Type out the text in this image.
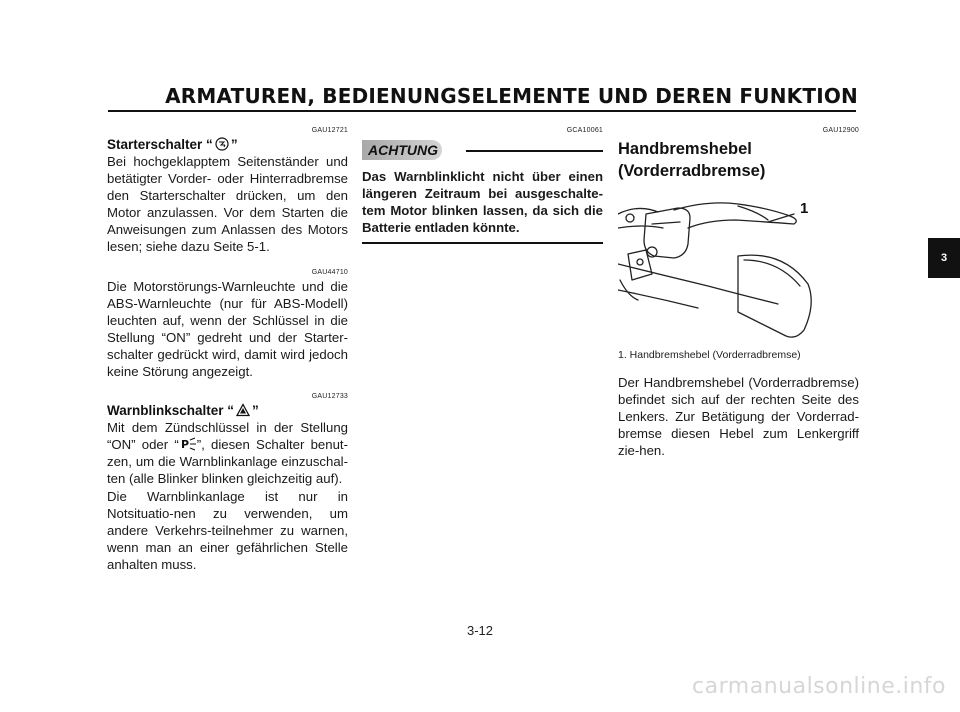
ARMATUREN, BEDIENUNGSELEMENTE UND DEREN FUNKTION
GAU12721
Starterschalter “ ”
Bei hochgeklapptem Seitenständer und betätigter Vorder- oder Hinterradbremse den Starterschalter drücken, um den Motor anzulassen. Vor dem Starten die Anweisungen zum Anlassen des Motors lesen; siehe dazu Seite 5-1.
GAU44710
Die Motorstörungs-Warnleuchte und die ABS-Warnleuchte (nur für ABS-Modell) leuchten auf, wenn der Schlüssel in die Stellung “ON” gedreht und der Starter-schalter gedrückt wird, damit wird jedoch keine Störung angezeigt.
GAU12733
Warnblinkschalter “ ”
Mit dem Zündschlüssel in der Stellung “ON” oder “ P ”, diesen Schalter benut-zen, um die Warnblinkanlage einzuschal-ten (alle Blinker blinken gleichzeitig auf).
Die Warnblinkanlage ist nur in Notsituatio-nen zu verwenden, um andere Verkehrs-teilnehmer zu warnen, wenn man an einer gefährlichen Stelle anhalten muss.
GCA10061
ACHTUNG
Das Warnblinklicht nicht über einen längeren Zeitraum bei ausgeschalte-tem Motor blinken lassen, da sich die Batterie entladen könnte.
GAU12900
Handbremshebel
(Vorderradbremse)
1
1. Handbremshebel (Vorderradbremse)
Der Handbremshebel (Vorderradbremse) befindet sich auf der rechten Seite des Lenkers. Zur Betätigung der Vorderrad-bremse diesen Hebel zum Lenkergriff zie-hen.
3
3-12
carmanualsonline.info
